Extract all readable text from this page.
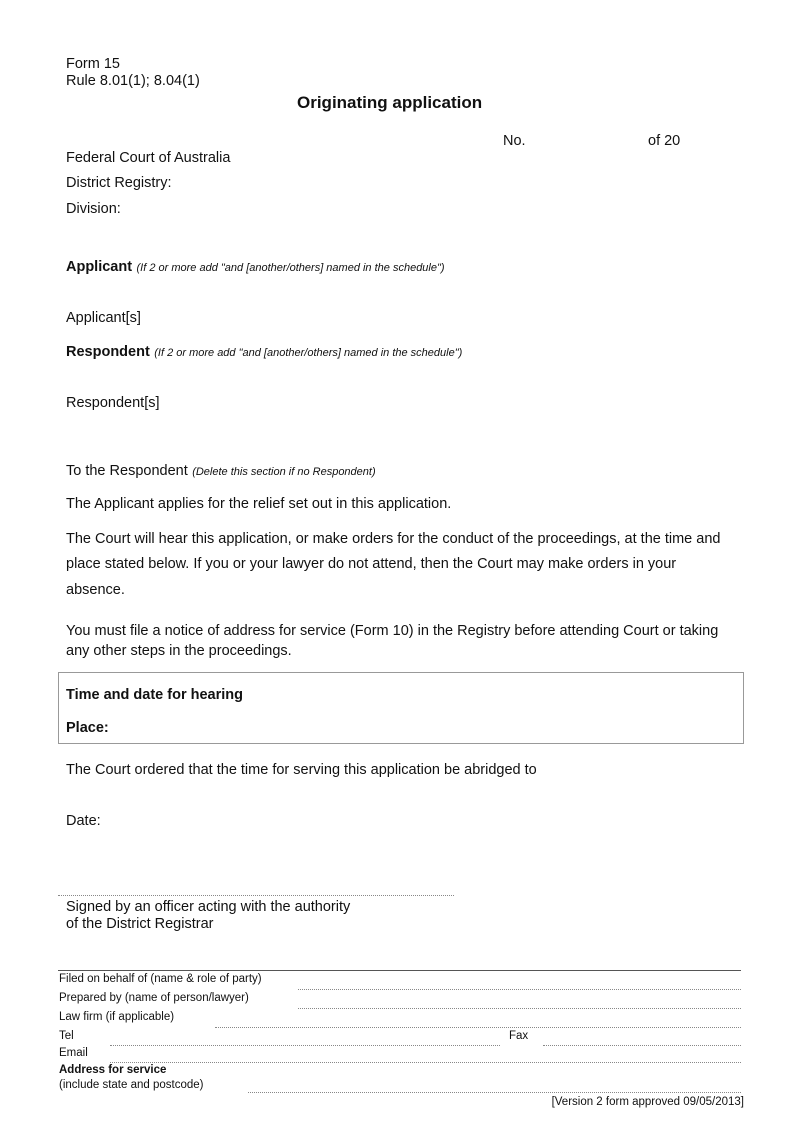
Form 15
Rule 8.01(1); 8.04(1)
Originating application
No.	of 20
Federal Court of Australia
District Registry:
Division:
Applicant (If 2 or more add "and [another/others] named in the schedule")
Applicant[s]
Respondent (If 2 or more add "and [another/others] named in the schedule")
Respondent[s]
To the Respondent (Delete this section if no Respondent)
The Applicant applies for the relief set out in this application.
The Court will hear this application, or make orders for the conduct of the proceedings, at the time and
place stated below. If you or your lawyer do not attend, then the Court may make orders in your
absence.
You must file a notice of address for service (Form 10) in the Registry before attending Court or taking
any other steps in the proceedings.
Time and date for hearing
Place:
The Court ordered that the time for serving this application be abridged to
Date:
Signed by an officer acting with the authority
of the District Registrar
Filed on behalf of (name & role of party)
Prepared by (name of person/lawyer)
Law firm (if applicable)
Tel	Fax
Email
Address for service
(include state and postcode)
[Version 2 form approved 09/05/2013]
